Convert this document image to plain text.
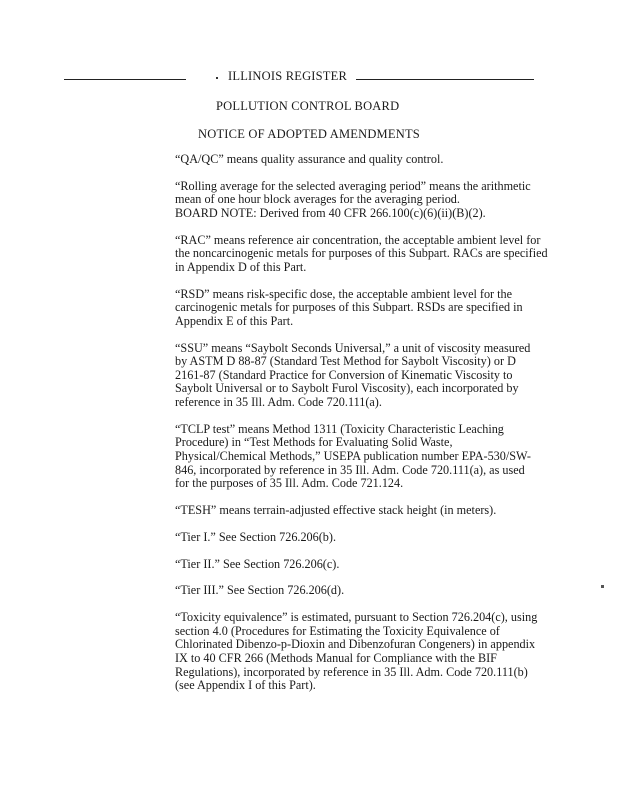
ILLINOIS REGISTER
POLLUTION CONTROL BOARD
NOTICE OF ADOPTED AMENDMENTS
“QA/QC” means quality assurance and quality control.
“Rolling average for the selected averaging period” means the arithmetic
mean of one hour block averages for the averaging period.
BOARD NOTE: Derived from 40 CFR 266.100(c)(6)(ii)(B)(2).
“RAC” means reference air concentration, the acceptable ambient level for
the noncarcinogenic metals for purposes of this Subpart. RACs are specified
in Appendix D of this Part.
“RSD” means risk-specific dose, the acceptable ambient level for the
carcinogenic metals for purposes of this Subpart. RSDs are specified in
Appendix E of this Part.
“SSU” means “Saybolt Seconds Universal,” a unit of viscosity measured
by ASTM D 88-87 (Standard Test Method for Saybolt Viscosity) or D
2161-87 (Standard Practice for Conversion of Kinematic Viscosity to
Saybolt Universal or to Saybolt Furol Viscosity), each incorporated by
reference in 35 Ill. Adm. Code 720.111(a).
“TCLP test” means Method 1311 (Toxicity Characteristic Leaching
Procedure) in “Test Methods for Evaluating Solid Waste,
Physical/Chemical Methods,” USEPA publication number EPA-530/SW-
846, incorporated by reference in 35 Ill. Adm. Code 720.111(a), as used
for the purposes of 35 Ill. Adm. Code 721.124.
“TESH” means terrain-adjusted effective stack height (in meters).
“Tier I.” See Section 726.206(b).
“Tier II.” See Section 726.206(c).
“Tier III.” See Section 726.206(d).
“Toxicity equivalence” is estimated, pursuant to Section 726.204(c), using
section 4.0 (Procedures for Estimating the Toxicity Equivalence of
Chlorinated Dibenzo-p-Dioxin and Dibenzofuran Congeners) in appendix
IX to 40 CFR 266 (Methods Manual for Compliance with the BIF
Regulations), incorporated by reference in 35 Ill. Adm. Code 720.111(b)
(see Appendix I of this Part).
